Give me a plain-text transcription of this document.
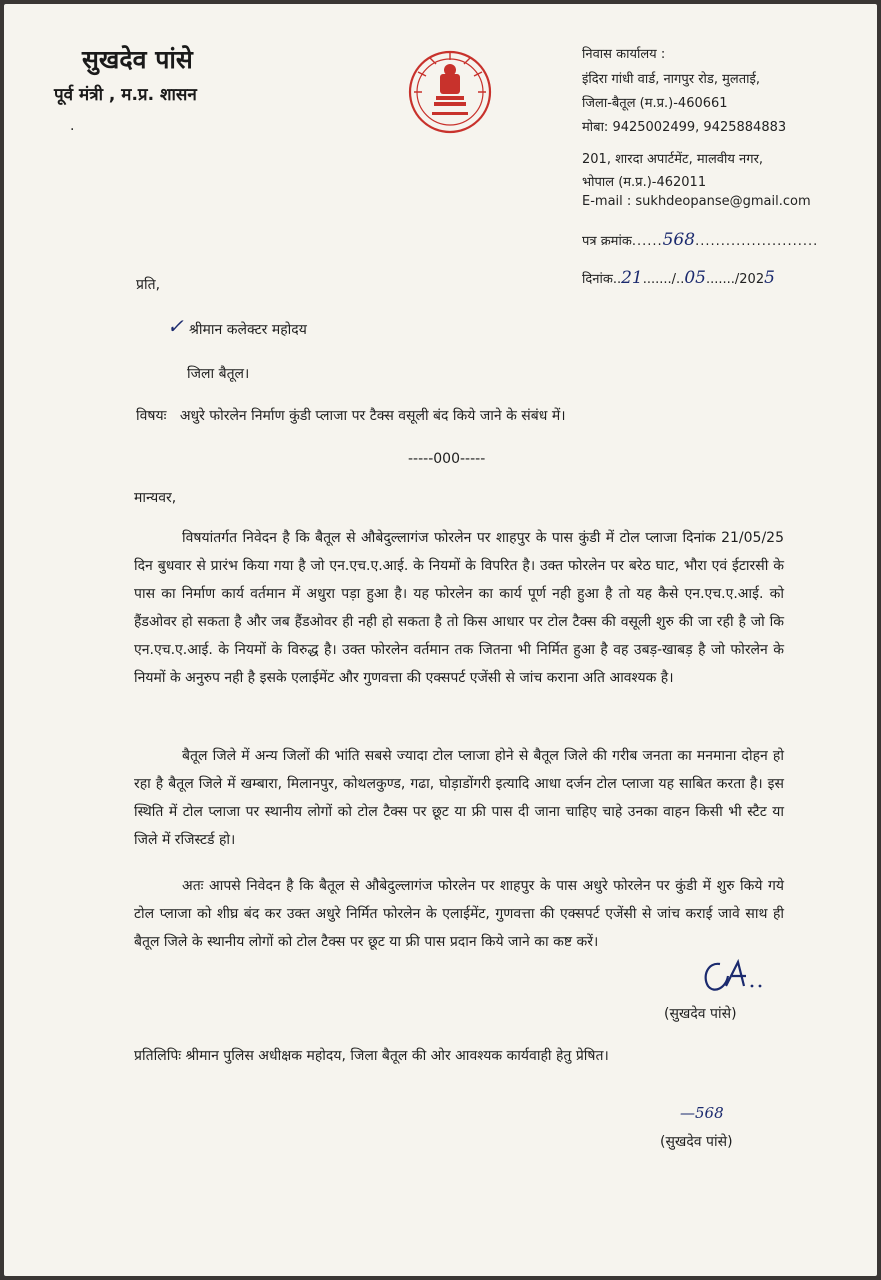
सुखदेव पांसे

पूर्व मंत्री , म.प्र. शासन

·

निवास कार्यालय :

इंदिरा गांधी वार्ड, नागपुर रोड, मुलताई,

जिला-बैतूल (म.प्र.)-460661

मोबा: 9425002499, 9425884883

201, शारदा अपार्टमेंट, मालवीय नगर,

भोपाल (म.प्र.)-462011

E-mail : sukhdeopanse@gmail.com

पत्र क्रमांक......568........................

दिनांक..21......./..05......./2025

प्रति,

✓ श्रीमान कलेक्टर महोदय

जिला बैतूल।

विषयः अधुरे फोरलेन निर्माण कुंडी प्लाजा पर टैक्स वसूली बंद किये जाने के संबंध में।

-----000-----

मान्यवर,

विषयांतर्गत निवेदन है कि बैतूल से औबेदुल्लागंज फोरलेन पर शाहपुर के पास कुंडी में टोल प्लाजा दिनांक 21/05/25 दिन बुधवार से प्रारंभ किया गया है जो एन.एच.ए.आई. के नियमों के विपरित है। उक्त फोरलेन पर बरेठ घाट, भौरा एवं ईटारसी के पास का निर्माण कार्य वर्तमान में अधुरा पड़ा हुआ है। यह फोरलेन का कार्य पूर्ण नही हुआ है तो यह कैसे एन.एच.ए.आई. को हैंडओवर हो सकता है और जब हैंडओवर ही नही हो सकता है तो किस आधार पर टोल टैक्स की वसूली शुरु की जा रही है जो कि एन.एच.ए.आई. के नियमों के विरुद्ध है। उक्त फोरलेन वर्तमान तक जितना भी निर्मित हुआ है वह उबड़-खाबड़ है जो फोरलेन के नियमों के अनुरुप नही है इसके एलाईमेंट और गुणवत्ता की एक्सपर्ट एजेंसी से जांच कराना अति आवश्यक है।

बैतूल जिले में अन्य जिलों की भांति सबसे ज्यादा टोल प्लाजा होने से बैतूल जिले की गरीब जनता का मनमाना दोहन हो रहा है बैतूल जिले में खम्बारा, मिलानपुर, कोथलकुण्ड, गढा, घोड़ाडोंगरी इत्यादि आधा दर्जन टोल प्लाजा यह साबित करता है। इस स्थिति में टोल प्लाजा पर स्थानीय लोगों को टोल टैक्स पर छूट या फ्री पास दी जाना चाहिए चाहे उनका वाहन किसी भी स्टैट या जिले में रजिस्टर्ड हो।

अतः आपसे निवेदन है कि बैतूल से औबेदुल्लागंज फोरलेन पर शाहपुर के पास अधुरे फोरलेन पर कुंडी में शुरु किये गये टोल प्लाजा को शीघ्र बंद कर उक्त अधुरे निर्मित फोरलेन के एलाईमेंट, गुणवत्ता की एक्सपर्ट एजेंसी से जांच कराई जावे साथ ही बैतूल जिले के स्थानीय लोगों को टोल टैक्स पर छूट या फ्री पास प्रदान किये जाने का कष्ट करें।

(सुखदेव पांसे)

प्रतिलिपिः श्रीमान पुलिस अधीक्षक महोदय, जिला बैतूल की ओर आवश्यक कार्यवाही हेतु प्रेषित।

—568

(सुखदेव पांसे)
